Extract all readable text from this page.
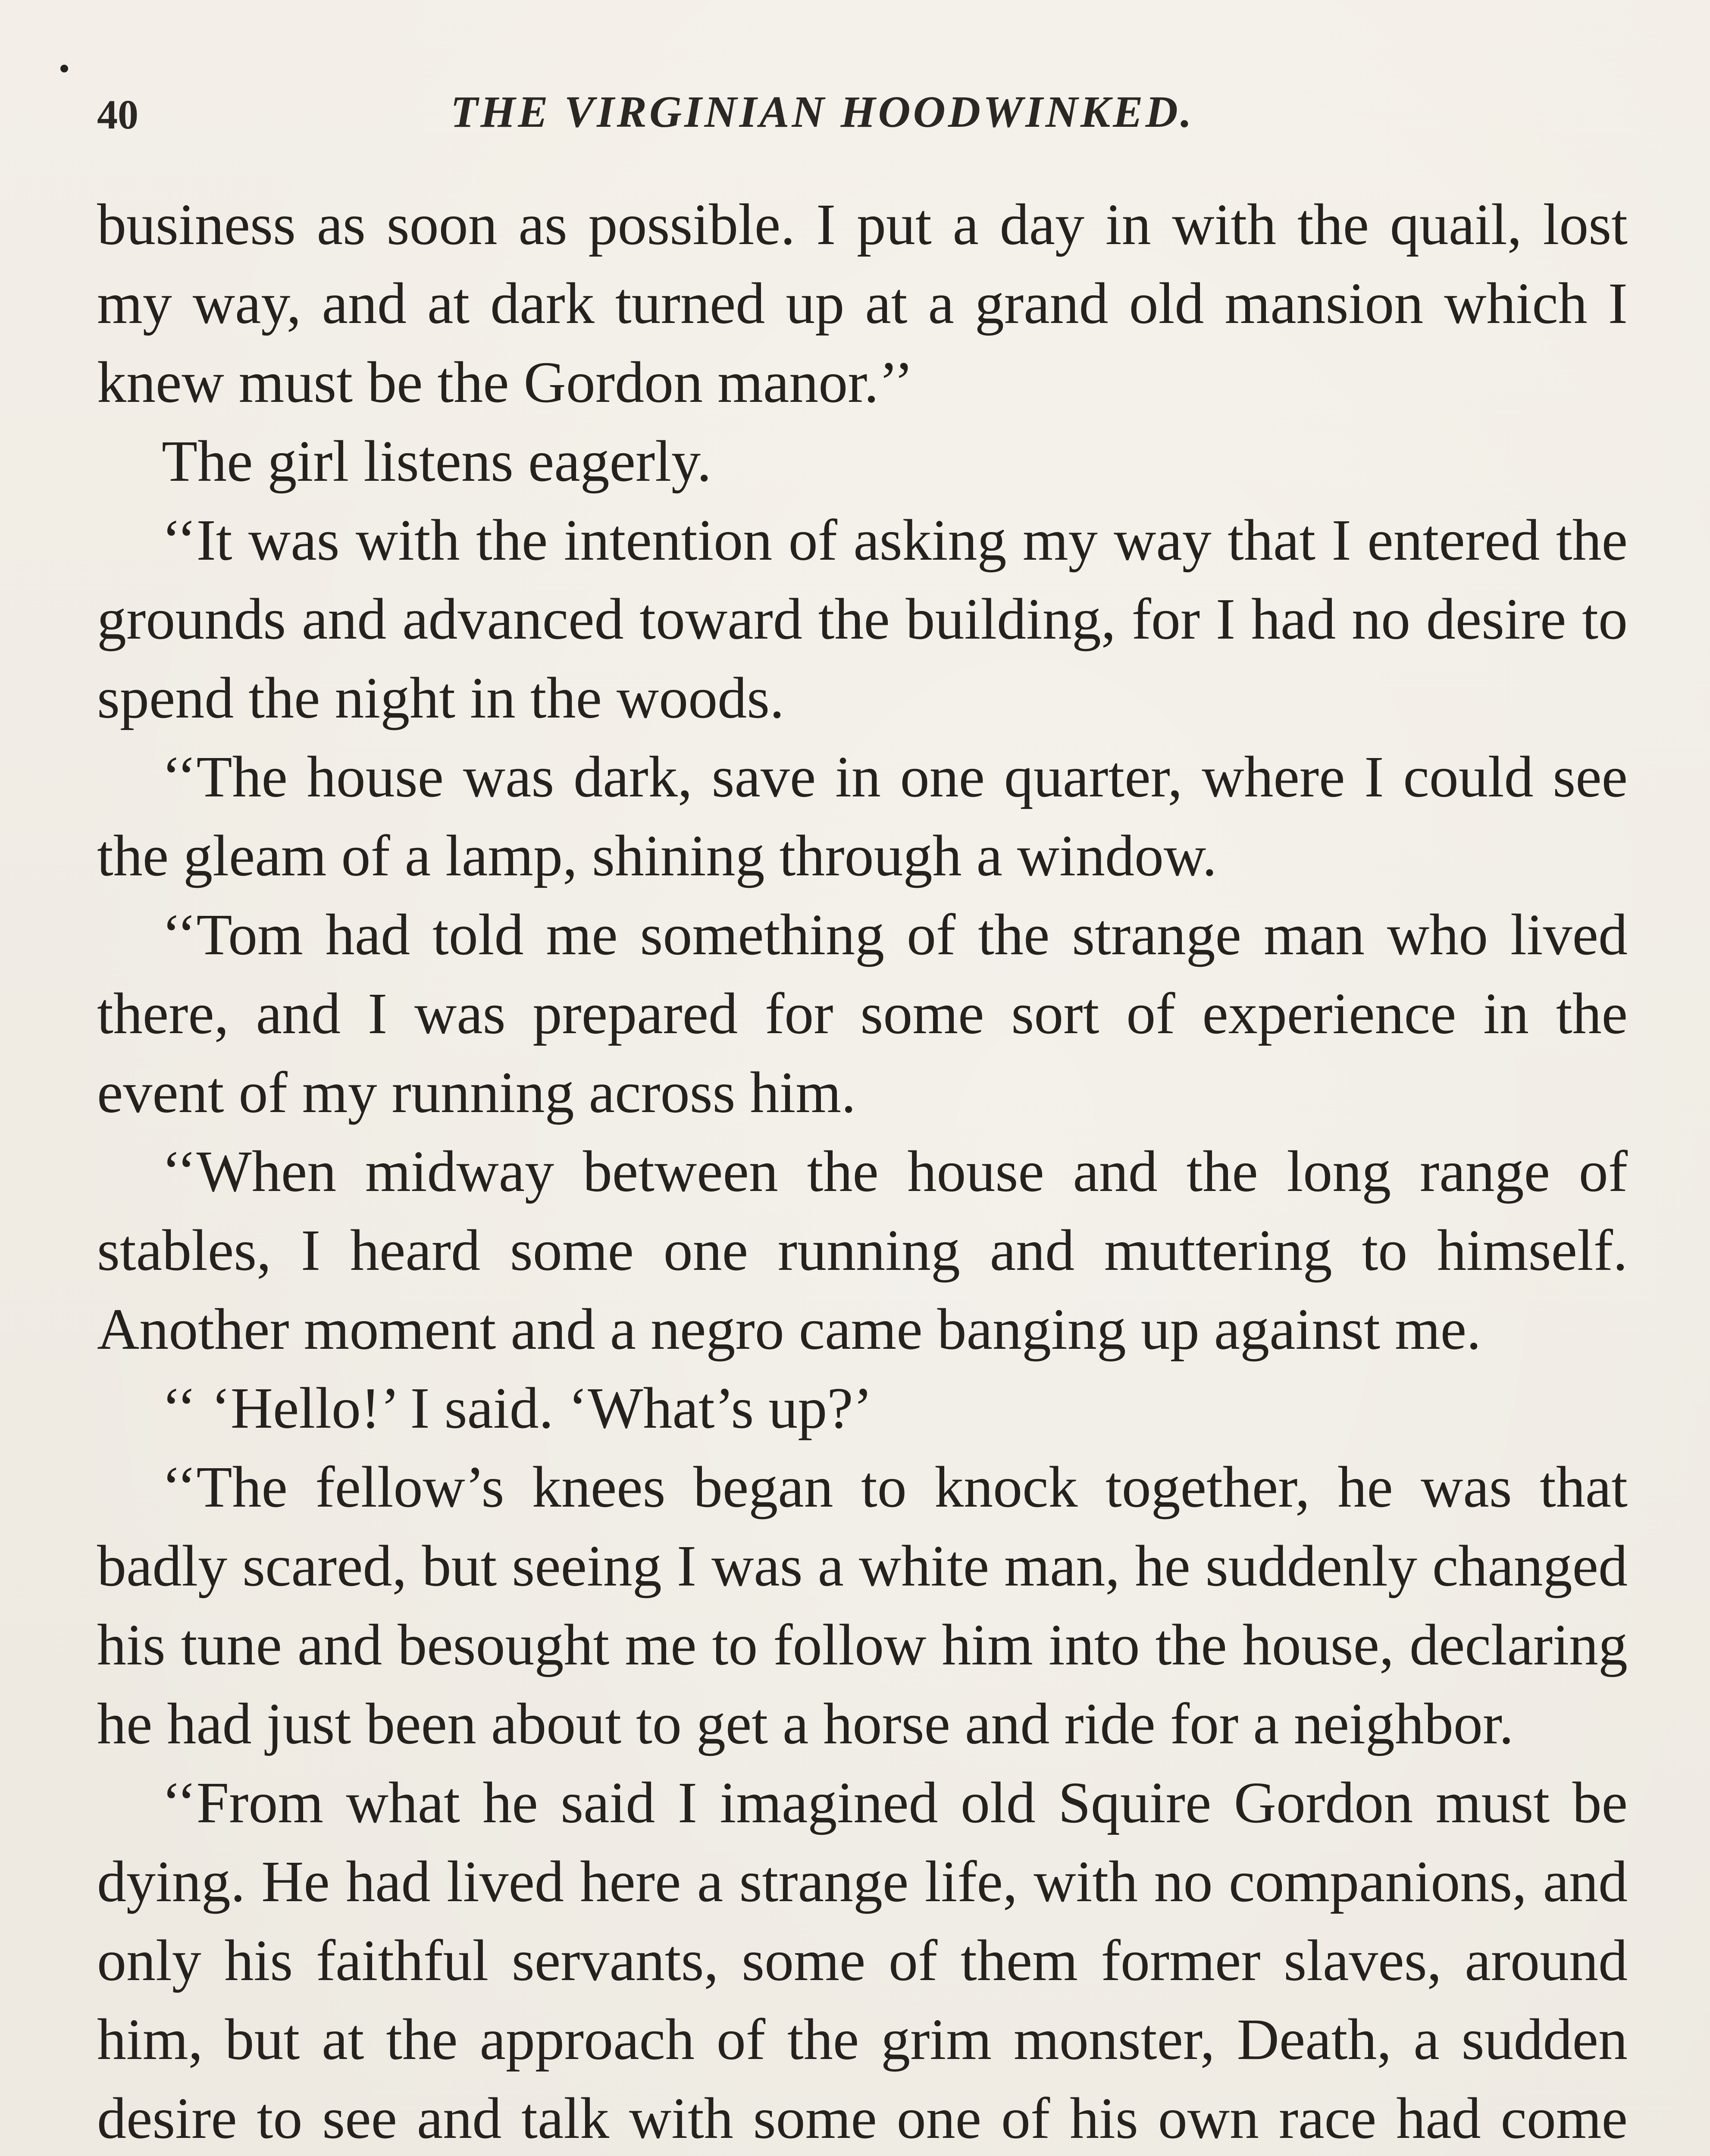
40	THE VIRGINIAN HOODWINKED.

business as soon as possible. I put a day in with the quail, lost my way, and at dark turned up at a grand old mansion which I knew must be the Gordon manor.’’

The girl listens eagerly.

‘‘It was with the intention of asking my way that I entered the grounds and advanced toward the building, for I had no desire to spend the night in the woods.

‘‘The house was dark, save in one quarter, where I could see the gleam of a lamp, shining through a window.

‘‘Tom had told me something of the strange man who lived there, and I was prepared for some sort of experience in the event of my running across him.

‘‘When midway between the house and the long range of stables, I heard some one running and muttering to himself. Another moment and a negro came banging up against me.

‘‘ ‘Hello!’ I said. ‘What’s up?’

‘‘The fellow’s knees began to knock together, he was that badly scared, but seeing I was a white man, he suddenly changed his tune and besought me to follow him into the house, declaring he had just been about to get a horse and ride for a neighbor.

‘‘From what he said I imagined old Squire Gordon must be dying. He had lived here a strange life, with no companions, and only his faithful servants, some of them former slaves, around him, but at the approach of the grim monster, Death, a sudden desire to see and talk with some one of his own race had come
